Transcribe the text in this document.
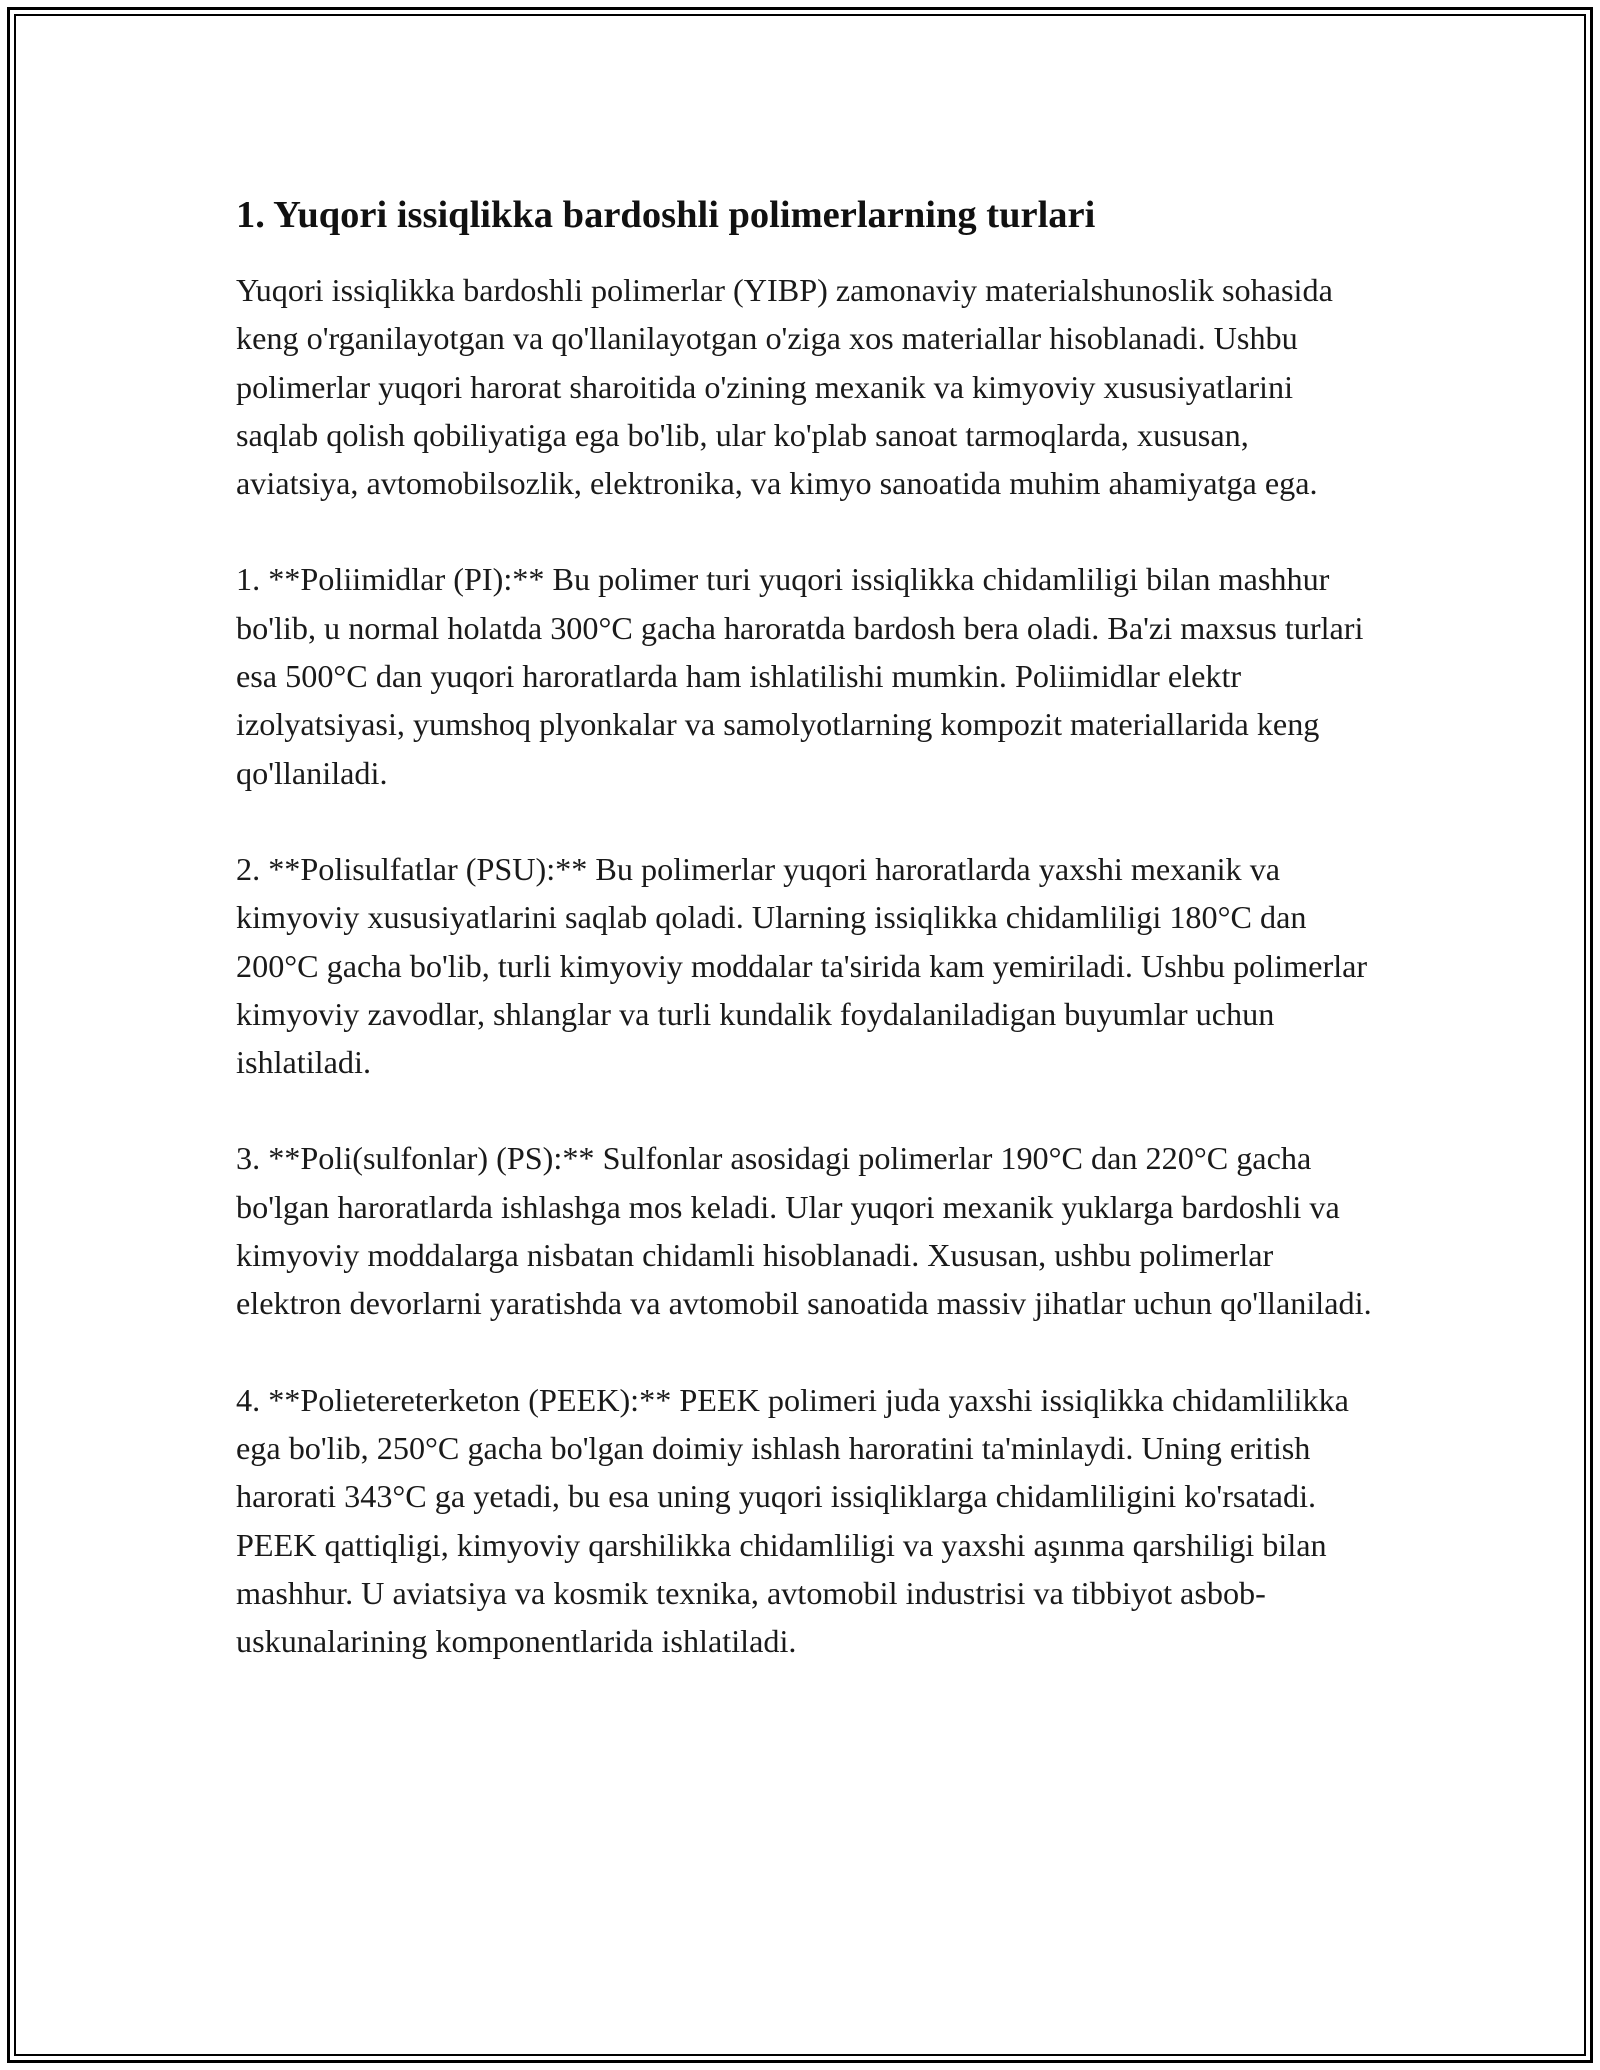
1. Yuqori issiqlikka bardoshli polimerlarning turlari

Yuqori issiqlikka bardoshli polimerlar (YIBP) zamonaviy materialshunoslik sohasida keng o'rganilayotgan va qo'llanilayotgan o'ziga xos materiallar hisoblanadi. Ushbu polimerlar yuqori harorat sharoitida o'zining mexanik va kimyoviy xususiyatlarini saqlab qolish qobiliyatiga ega bo'lib, ular ko'plab sanoat tarmoqlarda, xususan, aviatsiya, avtomobilsozlik, elektronika, va kimyo sanoatida muhim ahamiyatga ega.

1. **Poliimidlar (PI):** Bu polimer turi yuqori issiqlikka chidamliligi bilan mashhur bo'lib, u normal holatda 300°C gacha haroratda bardosh bera oladi. Ba'zi maxsus turlari esa 500°C dan yuqori haroratlarda ham ishlatilishi mumkin. Poliimidlar elektr izolyatsiyasi, yumshoq plyonkalar va samolyotlarning kompozit materiallarida keng qo'llaniladi.

2. **Polisulfatlar (PSU):** Bu polimerlar yuqori haroratlarda yaxshi mexanik va kimyoviy xususiyatlarini saqlab qoladi. Ularning issiqlikka chidamliligi 180°C dan 200°C gacha bo'lib, turli kimyoviy moddalar ta'sirida kam yemiriladi. Ushbu polimerlar kimyoviy zavodlar, shlanglar va turli kundalik foydalaniladigan buyumlar uchun ishlatiladi.

3. **Poli(sulfonlar) (PS):** Sulfonlar asosidagi polimerlar 190°C dan 220°C gacha bo'lgan haroratlarda ishlashga mos keladi. Ular yuqori mexanik yuklarga bardoshli va kimyoviy moddalarga nisbatan chidamli hisoblanadi. Xususan, ushbu polimerlar elektron devorlarni yaratishda va avtomobil sanoatida massiv jihatlar uchun qo'llaniladi.

4. **Polietereterketon (PEEK):** PEEK polimeri juda yaxshi issiqlikka chidamlilikka ega bo'lib, 250°C gacha bo'lgan doimiy ishlash haroratini ta'minlaydi. Uning eritish harorati 343°C ga yetadi, bu esa uning yuqori issiqliklarga chidamliligini ko'rsatadi. PEEK qattiqligi, kimyoviy qarshilikka chidamliligi va yaxshi aşınma qarshiligi bilan mashhur. U aviatsiya va kosmik texnika, avtomobil industrisi va tibbiyot asbob-uskunalarining komponentlarida ishlatiladi.
